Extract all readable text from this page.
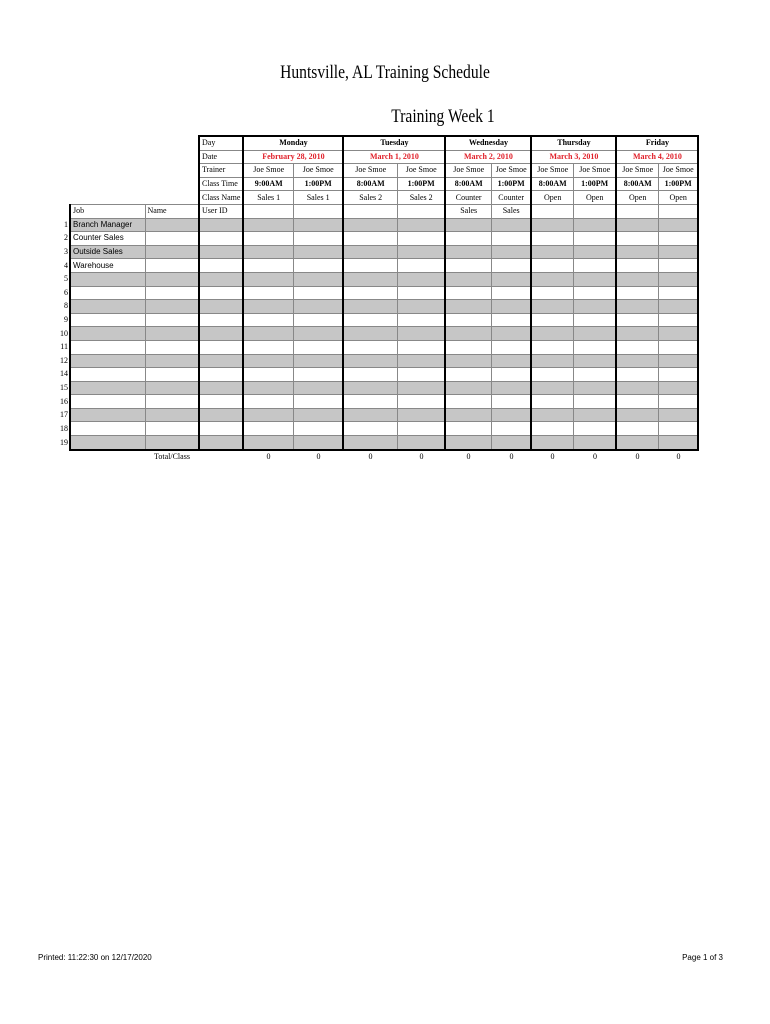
Huntsville, AL Training Schedule
Training Week 1
			Day	Monday		Tuesday		Wednesday		Thursday		Friday	
			Date	February 28, 2010		March 1, 2010		March 2, 2010		March 3, 2010		March 4, 2010	
			Trainer	Joe Smoe	Joe Smoe	Joe Smoe	Joe Smoe	Joe Smoe	Joe Smoe	Joe Smoe	Joe Smoe	Joe Smoe	Joe Smoe
			Class Time	9:00AM	1:00PM	8:00AM	1:00PM	8:00AM	1:00PM	8:00AM	1:00PM	8:00AM	1:00PM
			Class Name	Sales 1	Sales 1	Sales 2	Sales 2	Counter	Counter	Open	Open	Open	Open
	Job	Name	User ID					Sales	Sales				
1	Branch Manager												
2	Counter Sales												
3	Outside Sales												
4	Warehouse												
5													
6													
8													
9													
10													
11													
12													
14													
15													
16													
17													
18													
19													
		Total/Class		0	0	0	0	0	0	0	0	0	0
Printed: 11:22:30 on 12/17/2020	Page 1 of 3
